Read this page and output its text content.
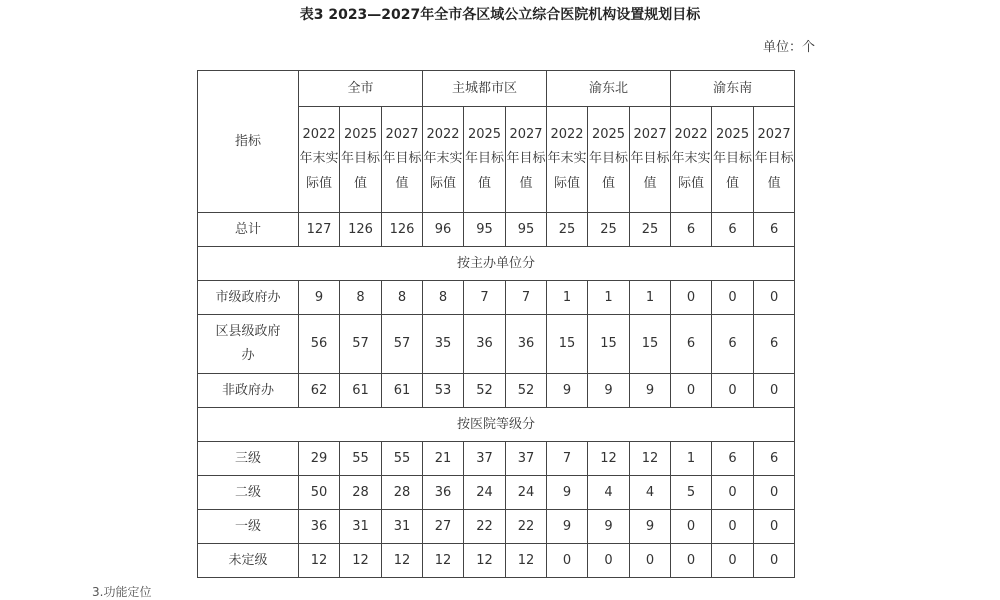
表3 2023—2027年全市各区域公立综合医院机构设置规划目标
单位：个
指标	全市			主城都市区			渝东北			渝东南		
	2022年末实际值	2025年目标值	2027年目标值	2022年末实际值	2025年目标值	2027年目标值	2022年末实际值	2025年目标值	2027年目标值	2022年末实际值	2025年目标值	2027年目标值
总计	127	126	126	96	95	95	25	25	25	6	6	6
按主办单位分												
市级政府办	9	8	8	8	7	7	1	1	1	0	0	0
区县级政府办	56	57	57	35	36	36	15	15	15	6	6	6
非政府办	62	61	61	53	52	52	9	9	9	0	0	0
按医院等级分												
三级	29	55	55	21	37	37	7	12	12	1	6	6
二级	50	28	28	36	24	24	9	4	4	5	0	0
一级	36	31	31	27	22	22	9	9	9	0	0	0
未定级	12	12	12	12	12	12	0	0	0	0	0	0
3.功能定位
